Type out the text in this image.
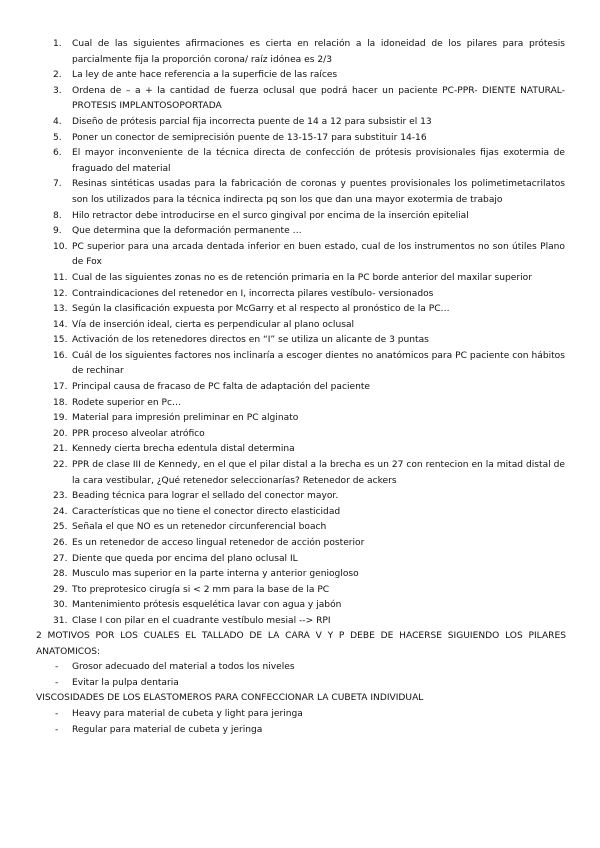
1. Cual de las siguientes afirmaciones es cierta en relación a la idoneidad de los pilares para prótesis parcialmente fija la proporción corona/ raíz idónea es 2/3
2. La ley de ante hace referencia a la superficie de las raíces
3. Ordena de – a + la cantidad de fuerza oclusal que podrá hacer un paciente PC-PPR- DIENTE NATURAL-PROTESIS IMPLANTOSOPORTADA
4. Diseño de prótesis parcial fija incorrecta puente de 14 a 12 para subsistir el 13
5. Poner un conector de semiprecisión puente de 13-15-17 para substituir 14-16
6. El mayor inconveniente de la técnica directa de confección de prótesis provisionales fijas exotermia de fraguado del material
7. Resinas sintéticas usadas para la fabricación de coronas y puentes provisionales los polimetimetacrilatos son los utilizados para la técnica indirecta pq son los que dan una mayor exotermia de trabajo
8. Hilo retractor debe introducirse en el surco gingival por encima de la inserción epitelial
9. Que determina que la deformación permanente …
10. PC superior para una arcada dentada inferior en buen estado, cual de los instrumentos no son útiles Plano de Fox
11. Cual de las siguientes zonas no es de retención primaria en la PC borde anterior del maxilar superior
12. Contraindicaciones del retenedor en I, incorrecta pilares vestíbulo- versionados
13. Según la clasificación expuesta por McGarry et al respecto al pronóstico de la PC…
14. Vía de inserción ideal, cierta es perpendicular al plano oclusal
15. Activación de los retenedores directos en “I” se utiliza un alicante de 3 puntas
16. Cuál de los siguientes factores nos inclinaría a escoger dientes no anatómicos para PC paciente con hábitos de rechinar
17. Principal causa de fracaso de PC falta de adaptación del paciente
18. Rodete superior en Pc…
19. Material para impresión preliminar en PC alginato
20. PPR proceso alveolar atrófico
21. Kennedy cierta brecha edentula distal determina
22. PPR de clase III de Kennedy, en el que el pilar distal a la brecha es un 27 con rentecion en la mitad distal de la cara vestibular, ¿Qué retenedor seleccionarías? Retenedor de ackers
23. Beading técnica para lograr el sellado del conector mayor.
24. Características que no tiene el conector directo elasticidad
25. Señala el que NO es un retenedor circunferencial boach
26. Es un retenedor de acceso lingual retenedor de acción posterior
27. Diente que queda por encima del plano oclusal IL
28. Musculo mas superior en la parte interna y anterior geniogloso
29. Tto preprotesico cirugía si < 2 mm para la base de la PC
30. Mantenimiento prótesis esquelética lavar con agua y jabón
31. Clase I con pilar en el cuadrante vestíbulo mesial --> RPI

2 MOTIVOS POR LOS CUALES EL TALLADO DE LA CARA V Y P DEBE DE HACERSE SIGUIENDO LOS PILARES ANATOMICOS:

- Grosor adecuado del material a todos los niveles

- Evitar la pulpa dentaria

VISCOSIDADES DE LOS ELASTOMEROS PARA CONFECCIONAR LA CUBETA INDIVIDUAL

- Heavy para material de cubeta y light para jeringa

- Regular para material de cubeta y jeringa
